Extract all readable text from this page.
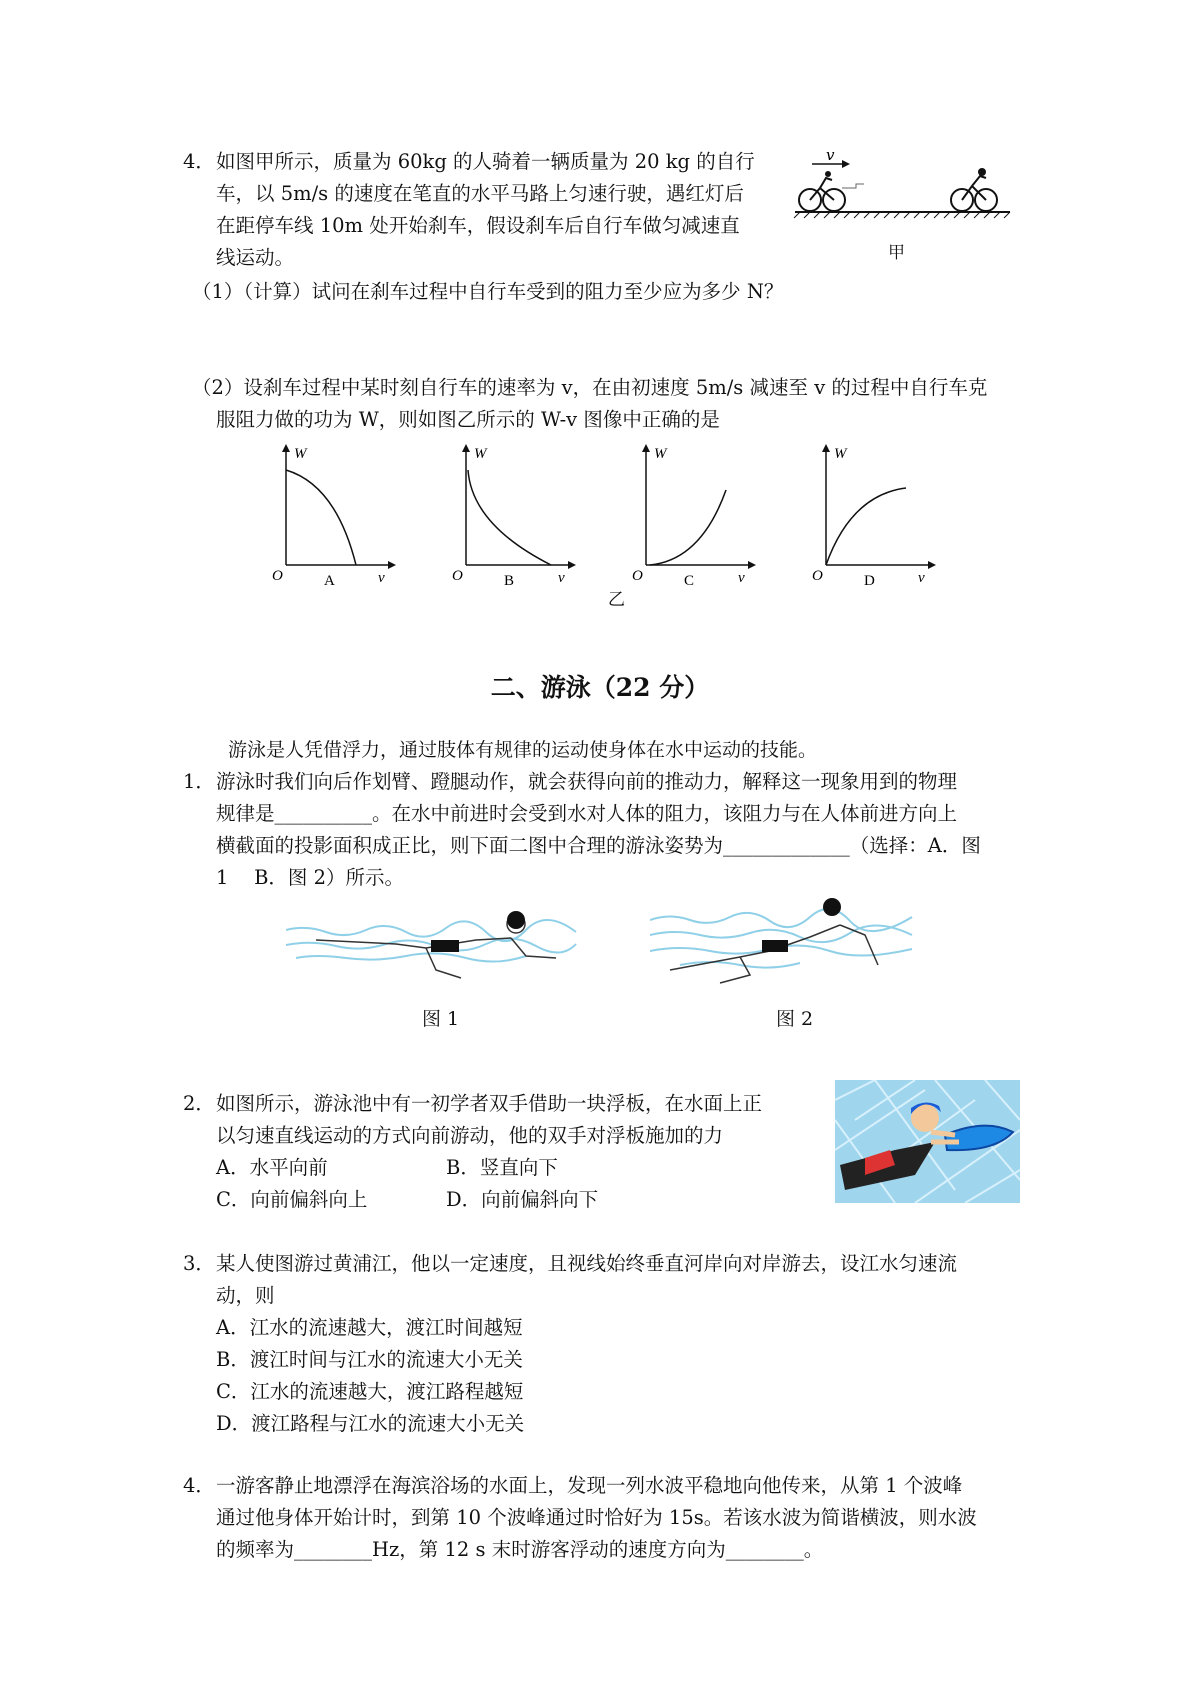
4． 如图甲所示，质量为 60kg 的人骑着一辆质量为 20 kg 的自行
车，以 5m/s 的速度在笔直的水平马路上匀速行驶，遇红灯后
在距停车线 10m 处开始刹车，假设刹车后自行车做匀减速直
线运动。
v
甲
（1）（计算）试问在刹车过程中自行车受到的阻力至少应为多少 N？
（2）设刹车过程中某时刻自行车的速率为 v，在由初速度 5m/s 减速至 v 的过程中自行车克
服阻力做的功为 W，则如图乙所示的 W-v 图像中正确的是
W
O	v
A
W
O	v
B
W
O	v
C
W
O	v
D
乙
二、游泳（22 分）
游泳是人凭借浮力，通过肢体有规律的运动使身体在水中运动的技能。
1． 游泳时我们向后作划臂、蹬腿动作，就会获得向前的推动力，解释这一现象用到的物理
规律是__________。在水中前进时会受到水对人体的阻力，该阻力与在人体前进方向上
横截面的投影面积成正比，则下面二图中合理的游泳姿势为_____________（选择：A．图
1　 B．图 2）所示。
图 1	图 2
2． 如图所示，游泳池中有一初学者双手借助一块浮板，在水面上正
以匀速直线运动的方式向前游动，他的双手对浮板施加的力
A．水平向前	B．竖直向下
C．向前偏斜向上	D．向前偏斜向下
3． 某人使图游过黄浦江，他以一定速度，且视线始终垂直河岸向对岸游去，设江水匀速流
动，则
A．江水的流速越大，渡江时间越短
B．渡江时间与江水的流速大小无关
C．江水的流速越大，渡江路程越短
D．渡江路程与江水的流速大小无关
4． 一游客静止地漂浮在海滨浴场的水面上，发现一列水波平稳地向他传来，从第 1 个波峰
通过他身体开始计时，到第 10 个波峰通过时恰好为 15s。若该水波为简谐横波，则水波
的频率为________Hz，第 12 s 末时游客浮动的速度方向为________。
